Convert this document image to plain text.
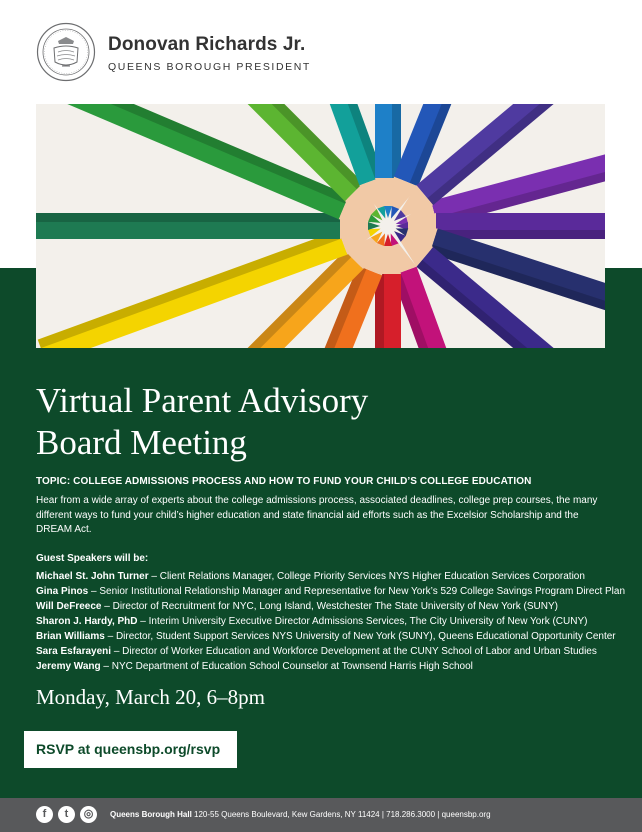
Donovan Richards Jr.
QUEENS BOROUGH PRESIDENT
Virtual Parent Advisory
Board Meeting
TOPIC: COLLEGE ADMISSIONS PROCESS AND HOW TO FUND YOUR CHILD’S COLLEGE EDUCATION
Hear from a wide array of experts about the college admissions process, associated deadlines, college prep courses, the many different ways to fund your child’s higher education and state financial aid efforts such as the Excelsior Scholarship and the DREAM Act.
Guest Speakers will be:
Michael St. John Turner – Client Relations Manager, College Priority Services NYS Higher Education Services Corporation
Gina Pinos – Senior Institutional Relationship Manager and Representative for New York’s 529 College Savings Program Direct Plan
Will DeFreece – Director of Recruitment for NYC, Long Island, Westchester The State University of New York (SUNY)
Sharon J. Hardy, PhD – Interim University Executive Director Admissions Services, The City University of New York (CUNY)
Brian Williams – Director, Student Support Services NYS University of New York (SUNY), Queens Educational Opportunity Center
Sara Esfarayeni – Director of Worker Education and Workforce Development at the CUNY School of Labor and Urban Studies
Jeremy Wang – NYC Department of Education School Counselor at Townsend Harris High School
Monday, March 20, 6–8pm
RSVP at queensbp.org/rsvp
f	t	◎	Queens Borough Hall 120-55 Queens Boulevard, Kew Gardens, NY 11424 | 718.286.3000 | queensbp.org
